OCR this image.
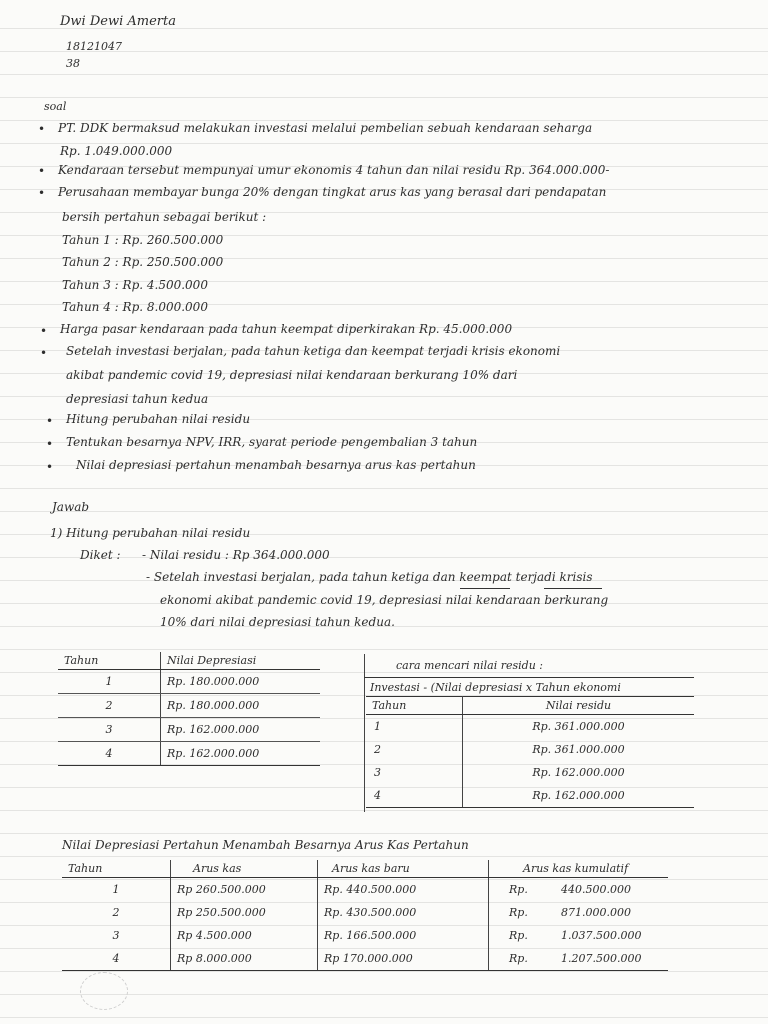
Dwi Dewi Amerta
18121047
38
soal
• PT. DDK bermaksud melakukan investasi melalui pembelian sebuah kendaraan seharga
Rp. 1.049.000.000
• Kendaraan tersebut mempunyai umur ekonomis 4 tahun dan nilai residu Rp. 364.000.000-
• Perusahaan membayar bunga 20% dengan tingkat arus kas yang berasal dari pendapatan
bersih pertahun sebagai berikut :
Tahun 1 : Rp. 260.500.000
Tahun 2 : Rp. 250.500.000
Tahun 3 : Rp. 4.500.000
Tahun 4 : Rp. 8.000.000
• Harga pasar kendaraan pada tahun keempat diperkirakan Rp. 45.000.000
• Setelah investasi berjalan, pada tahun ketiga dan keempat terjadi krisis ekonomi
akibat pandemic covid 19, depresiasi nilai kendaraan berkurang 10% dari
depresiasi tahun kedua
• Hitung perubahan nilai residu
• Tentukan besarnya NPV, IRR, syarat periode pengembalian 3 tahun
• Nilai depresiasi pertahun menambah besarnya arus kas pertahun
Jawab
1) Hitung perubahan nilai residu
Diket : - Nilai residu : Rp 364.000.000
- Setelah investasi berjalan, pada tahun ketiga dan keempat terjadi krisis
ekonomi akibat pandemic covid 19, depresiasi nilai kendaraan berkurang
10% dari nilai depresiasi tahun kedua.
Tahun	Nilai Depresiasi
1	Rp. 180.000.000
2	Rp. 180.000.000
3	Rp. 162.000.000
4	Rp. 162.000.000
cara mencari nilai residu :
Investasi - (Nilai depresiasi x Tahun ekonomi
Tahun	Nilai residu
1	Rp. 361.000.000
2	Rp. 361.000.000
3	Rp. 162.000.000
4	Rp. 162.000.000
Nilai Depresiasi Pertahun Menambah Besarnya Arus Kas Pertahun
Tahun	Arus kas	Arus kas baru	Arus kas kumulatif	
1	Rp 260.500.000	Rp. 440.500.000	Rp.	440.500.000
2	Rp 250.500.000	Rp. 430.500.000	Rp.	871.000.000
3	Rp 4.500.000	Rp. 166.500.000	Rp.	1.037.500.000
4	Rp 8.000.000	Rp 170.000.000	Rp.	1.207.500.000
